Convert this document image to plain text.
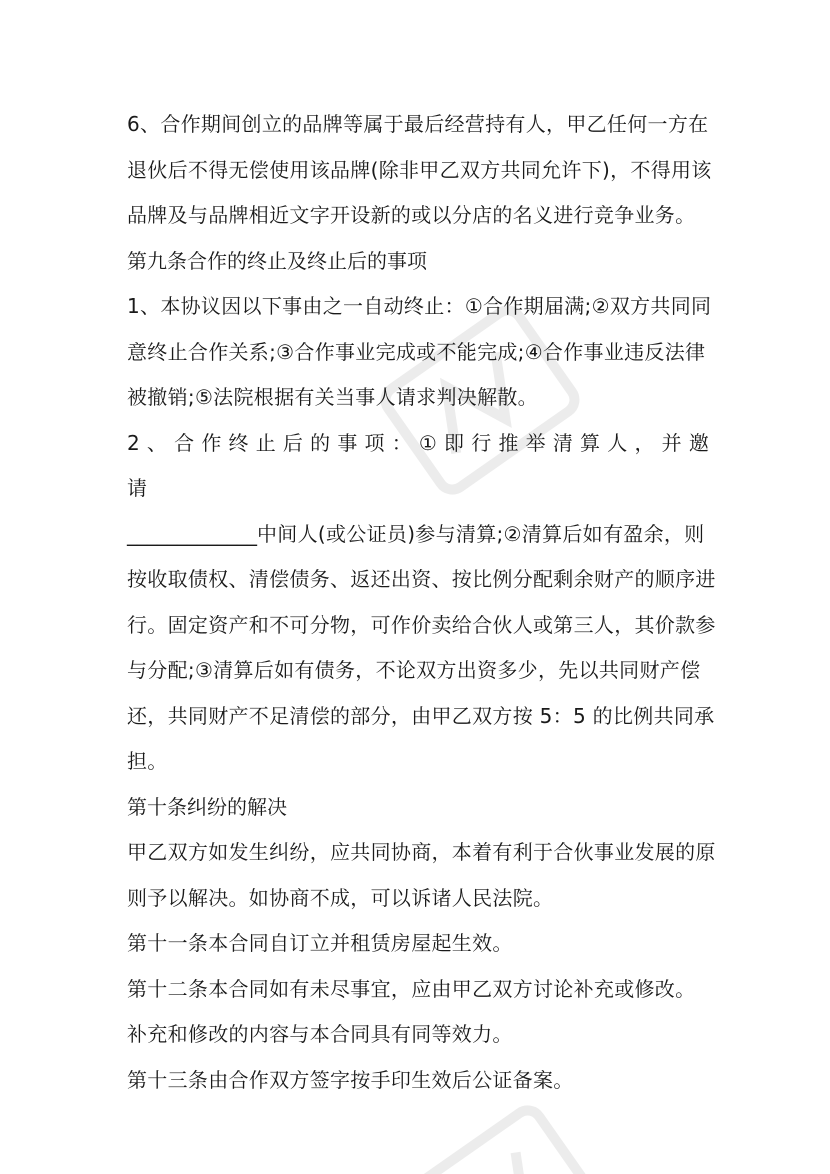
6、合作期间创立的品牌等属于最后经营持有人，甲乙任何一方在退伙后不得无偿使用该品牌(除非甲乙双方共同允许下)，不得用该品牌及与品牌相近文字开设新的或以分店的名义进行竞争业务。

第九条合作的终止及终止后的事项

1、本协议因以下事由之一自动终止：①合作期届满;②双方共同同意终止合作关系;③合作事业完成或不能完成;④合作事业违反法律被撤销;⑤法院根据有关当事人请求判决解散。

2、合作终止后的事项：①即行推举清算人，并邀请

_____________中间人(或公证员)参与清算;②清算后如有盈余，则按收取债权、清偿债务、返还出资、按比例分配剩余财产的顺序进行。固定资产和不可分物，可作价卖给合伙人或第三人，其价款参与分配;③清算后如有债务，不论双方出资多少，先以共同财产偿还，共同财产不足清偿的部分，由甲乙双方按 5：5 的比例共同承担。

第十条纠纷的解决

甲乙双方如发生纠纷，应共同协商，本着有利于合伙事业发展的原则予以解决。如协商不成，可以诉诸人民法院。

第十一条本合同自订立并租赁房屋起生效。

第十二条本合同如有未尽事宜，应由甲乙双方讨论补充或修改。

补充和修改的内容与本合同具有同等效力。

第十三条由合作双方签字按手印生效后公证备案。
